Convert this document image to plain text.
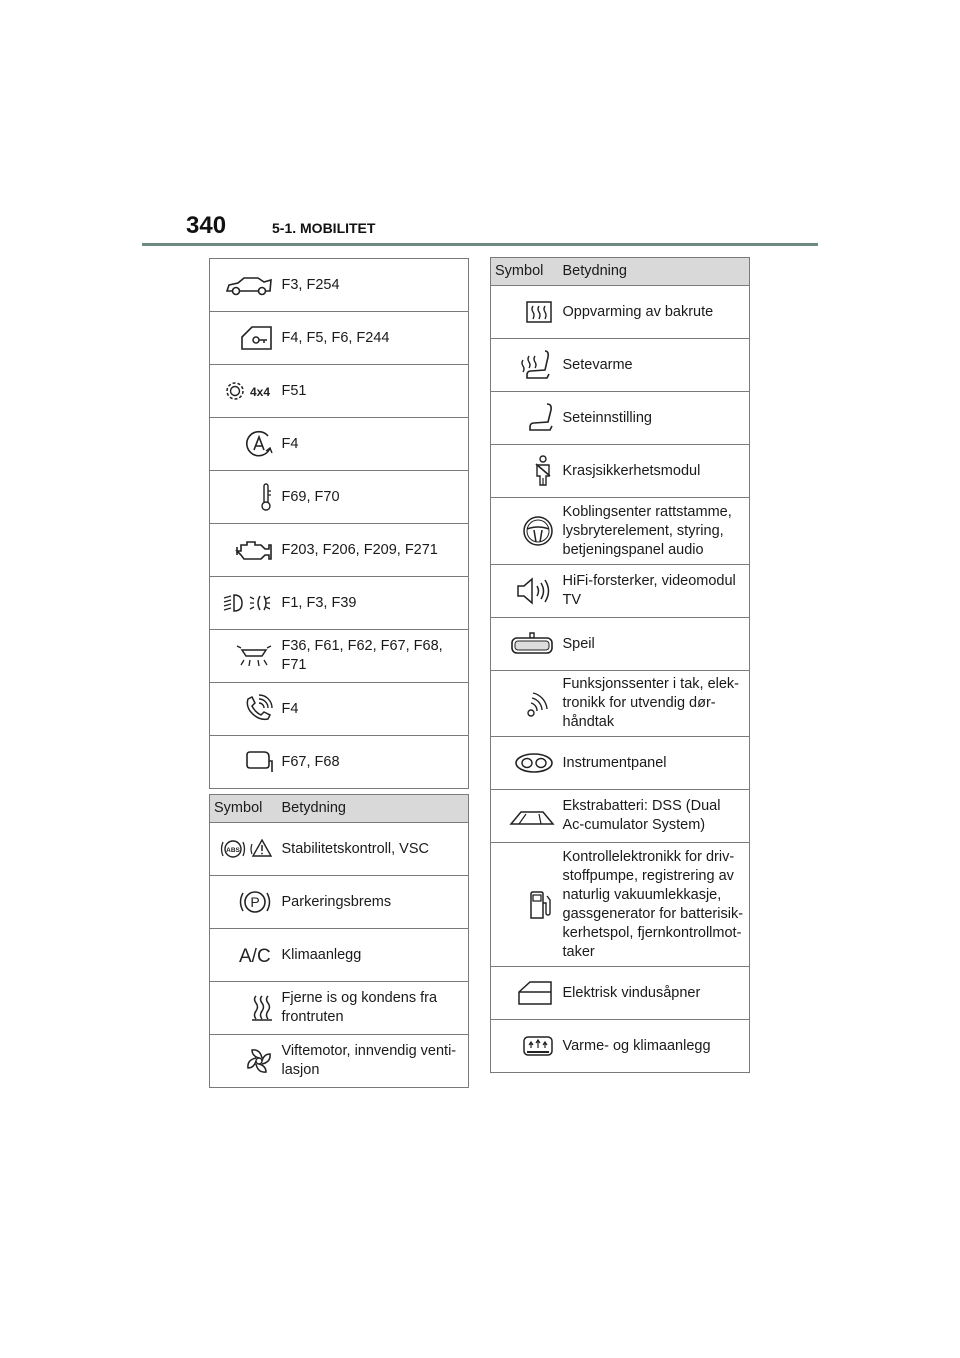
340	5-1. MOBILITET
	F3, F254

	F4, F5, F6, F244

4x4	F51

	F4

	F69, F70

	F203, F206, F209, F271

	F1, F3, F39

	F36, F61, F62, F67, F68, F71

	F4

	F67, F68
Symbol	Betydning

ABS	Stabilitetskontroll, VSC

P	Parkeringsbrems

A/C	Klimaanlegg

	Fjerne is og kondens fra frontruten

	Viftemotor, innvendig venti-lasjon
Symbol	Betydning

	Oppvarming av bakrute

	Setevarme

	Seteinnstilling

	Krasjsikkerhetsmodul

	Koblingsenter rattstamme, lysbryterelement, styring, betjeningspanel audio

	HiFi-forsterker, videomodul TV

	Speil

	Funksjonssenter i tak, elek-tronikk for utvendig dør-håndtak

	Instrumentpanel

	Ekstrabatteri: DSS (Dual Ac-cumulator System)

	Kontrollelektronikk for driv-stoffpumpe, registrering av naturlig vakuumlekkasje, gassgenerator for batterisik-kerhetspol, fjernkontrollmot-taker

	Elektrisk vindusåpner

	Varme- og klimaanlegg
